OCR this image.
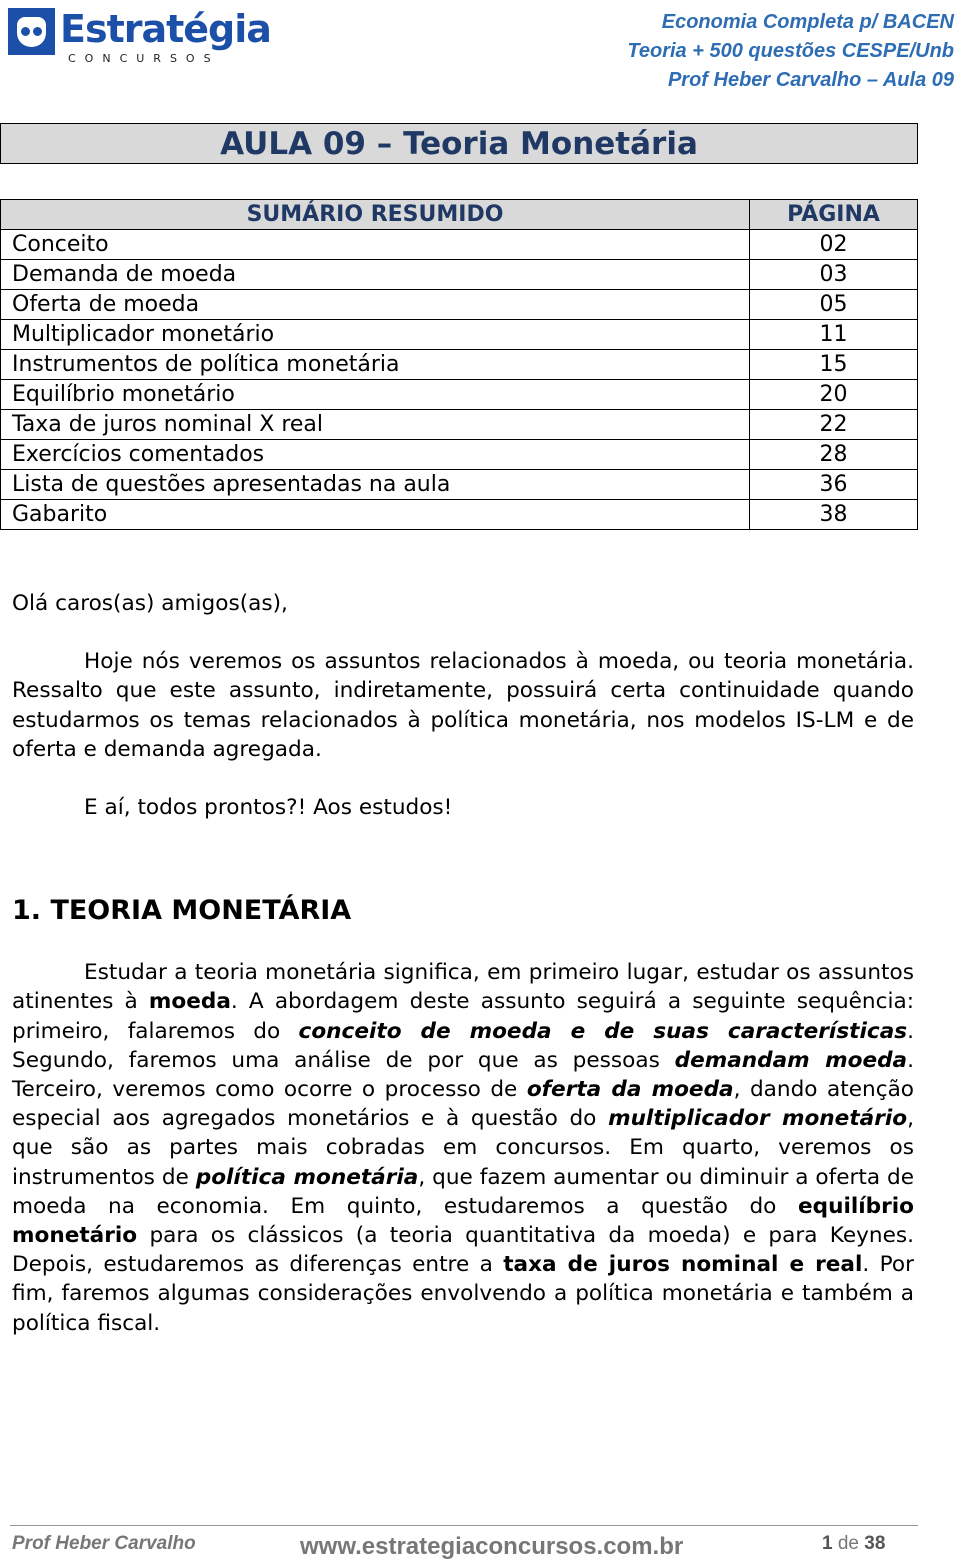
Estratégia
CONCURSOS
Economia Completa p/ BACEN
Teoria + 500 questões CESPE/Unb
Prof Heber Carvalho – Aula 09
AULA 09 – Teoria Monetária
SUMÁRIO RESUMIDO	PÁGINA
Conceito	02
Demanda de moeda	03
Oferta de moeda	05
Multiplicador monetário	11
Instrumentos de política monetária	15
Equilíbrio monetário	20
Taxa de juros nominal X real	22
Exercícios comentados	28
Lista de questões apresentadas na aula	36
Gabarito	38

Olá caros(as) amigos(as),

Hoje nós veremos os assuntos relacionados à moeda, ou teoria monetária. Ressalto que este assunto, indiretamente, possuirá certa continuidade quando estudarmos os temas relacionados à política monetária, nos modelos IS-LM e de oferta e demanda agregada.

E aí, todos prontos?! Aos estudos!

1. TEORIA MONETÁRIA

Estudar a teoria monetária significa, em primeiro lugar, estudar os assuntos atinentes à moeda. A abordagem deste assunto seguirá a seguinte sequência: primeiro, falaremos do conceito de moeda e de suas características. Segundo, faremos uma análise de por que as pessoas demandam moeda. Terceiro, veremos como ocorre o processo de oferta da moeda, dando atenção especial aos agregados monetários e à questão do multiplicador monetário, que são as partes mais cobradas em concursos. Em quarto, veremos os instrumentos de política monetária, que fazem aumentar ou diminuir a oferta de moeda na economia. Em quinto, estudaremos a questão do equilíbrio monetário para os clássicos (a teoria quantitativa da moeda) e para Keynes. Depois, estudaremos as diferenças entre a taxa de juros nominal e real. Por fim, faremos algumas considerações envolvendo a política monetária e também a política fiscal.

Prof Heber Carvalho	www.estrategiaconcursos.com.br	1 de 38
